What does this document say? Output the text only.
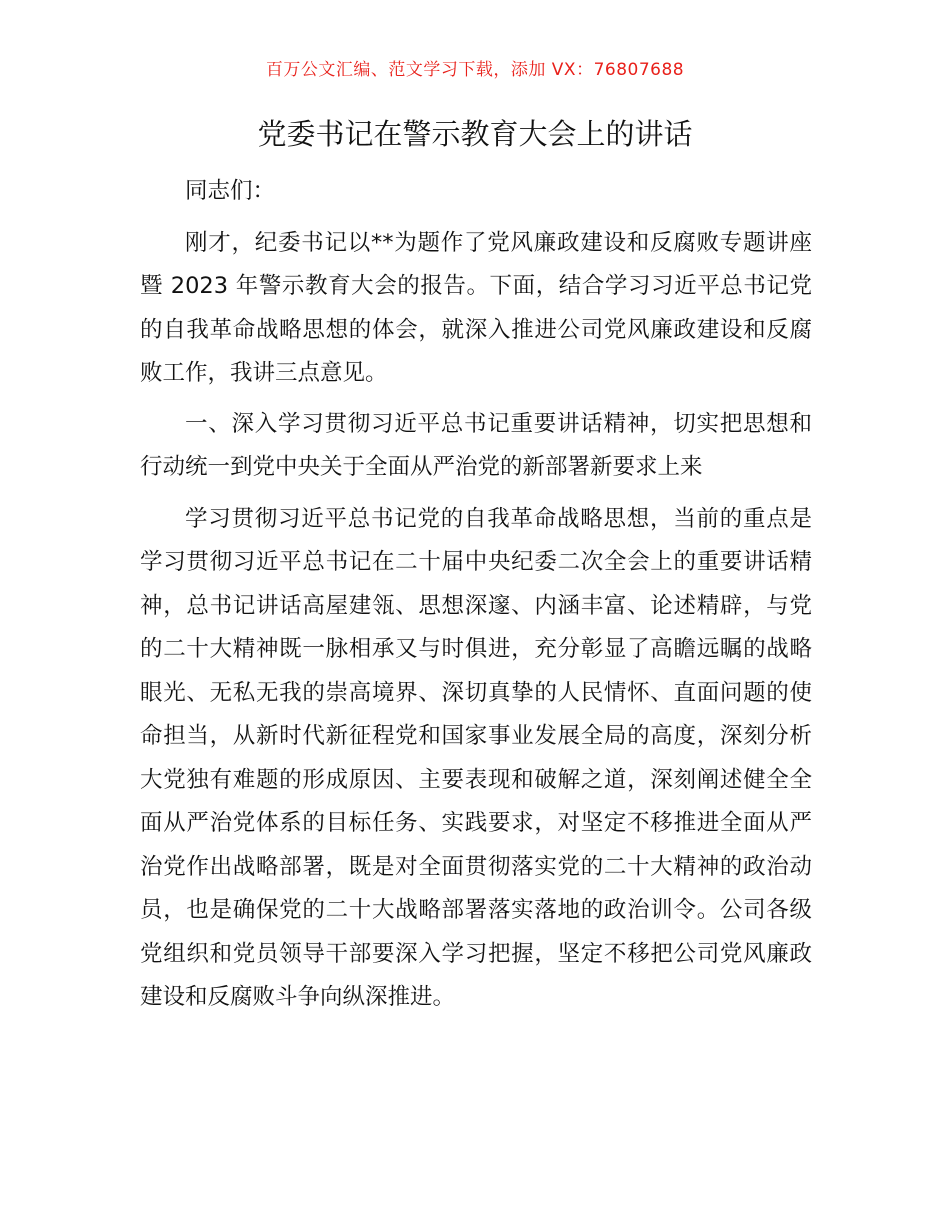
百万公文汇编、范文学习下载，添加 VX：76807688
党委书记在警示教育大会上的讲话

同志们：

刚才，纪委书记以**为题作了党风廉政建设和反腐败专题讲座暨 2023 年警示教育大会的报告。下面，结合学习习近平总书记党的自我革命战略思想的体会，就深入推进公司党风廉政建设和反腐败工作，我讲三点意见。

一、深入学习贯彻习近平总书记重要讲话精神，切实把思想和行动统一到党中央关于全面从严治党的新部署新要求上来

学习贯彻习近平总书记党的自我革命战略思想，当前的重点是学习贯彻习近平总书记在二十届中央纪委二次全会上的重要讲话精神，总书记讲话高屋建瓴、思想深邃、内涵丰富、论述精辟，与党的二十大精神既一脉相承又与时俱进，充分彰显了高瞻远瞩的战略眼光、无私无我的崇高境界、深切真挚的人民情怀、直面问题的使命担当，从新时代新征程党和国家事业发展全局的高度，深刻分析大党独有难题的形成原因、主要表现和破解之道，深刻阐述健全全面从严治党体系的目标任务、实践要求，对坚定不移推进全面从严治党作出战略部署，既是对全面贯彻落实党的二十大精神的政治动员，也是确保党的二十大战略部署落实落地的政治训令。公司各级党组织和党员领导干部要深入学习把握，坚定不移把公司党风廉政建设和反腐败斗争向纵深推进。
